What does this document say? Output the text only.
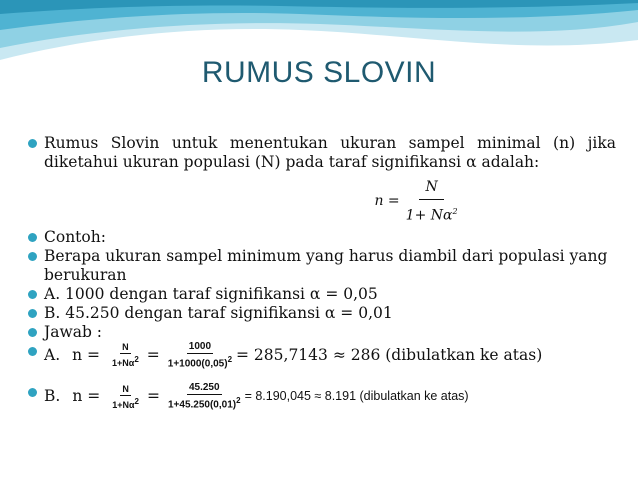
RUMUS SLOVIN
Rumus Slovin untuk menentukan ukuran sampel minimal (n) jika diketahui ukuran populasi (N) pada taraf signifikansi α adalah:
$n = \frac{N}{1+ N\alpha^2}$
Contoh:
Berapa ukuran sampel minimum yang harus diambil dari populasi yang berukuran
A. 1000 dengan taraf signifikansi α = 0,05
B. 45.250 dengan taraf signifikansi α = 0,01
Jawab :
A. $n = \frac{N}{1+N\alpha^2} = \frac{1000}{1+1000(0,05)^2} = 285,7143 \approx 286$ (dibulatkan ke atas)
B. $n = \frac{N}{1+N\alpha^2} = \frac{45.250}{1+45.250(0,01)^2} = 8.190,045 \approx 8.191$ (dibulatkan ke atas)
